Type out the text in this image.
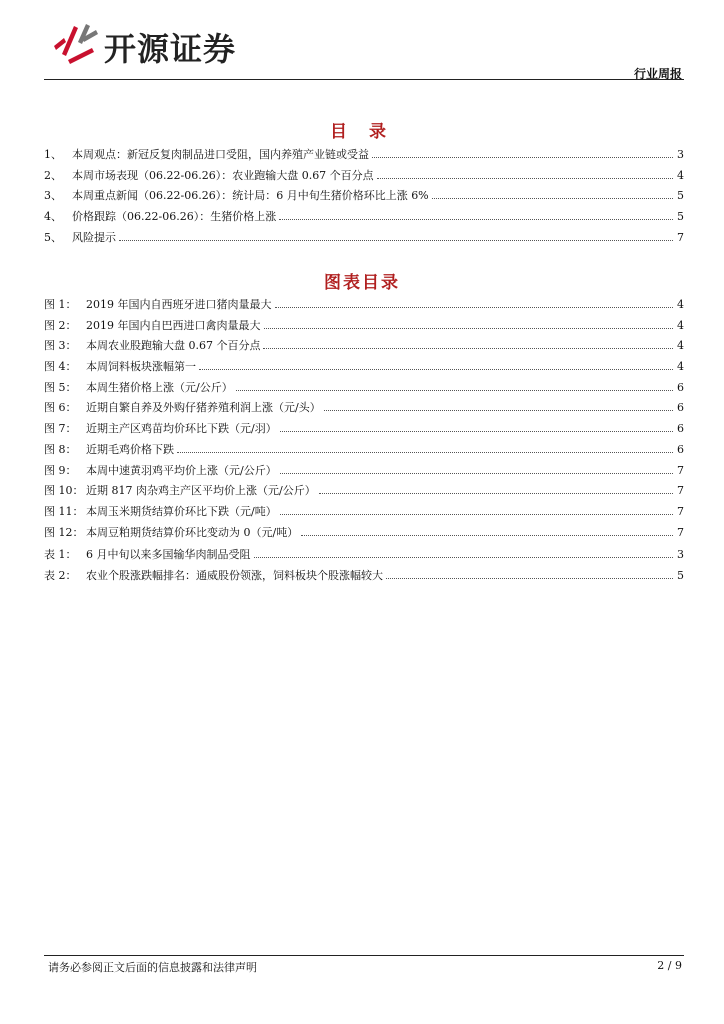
开源证券
行业周报
目 录
1、 本周观点：新冠反复肉制品进口受阻，国内养殖产业链或受益	3
2、 本周市场表现（06.22-06.26）：农业跑输大盘 0.67 个百分点	4
3、 本周重点新闻（06.22-06.26）：统计局：6 月中旬生猪价格环比上涨 6%	5
4、 价格跟踪（06.22-06.26）：生猪价格上涨	5
5、 风险提示	7
图表目录
图 1： 2019 年国内自西班牙进口猪肉量最大	4
图 2： 2019 年国内自巴西进口禽肉量最大	4
图 3： 本周农业股跑输大盘 0.67 个百分点	4
图 4： 本周饲料板块涨幅第一	4
图 5： 本周生猪价格上涨（元/公斤）	6
图 6： 近期自繁自养及外购仔猪养殖利润上涨（元/头）	6
图 7： 近期主产区鸡苗均价环比下跌（元/羽）	6
图 8： 近期毛鸡价格下跌	6
图 9： 本周中速黄羽鸡平均价上涨（元/公斤）	7
图 10： 近期 817 肉杂鸡主产区平均价上涨（元/公斤）	7
图 11： 本周玉米期货结算价环比下跌（元/吨）	7
图 12： 本周豆粕期货结算价环比变动为 0（元/吨）	7
表 1： 6 月中旬以来多国输华肉制品受阻	3
表 2： 农业个股涨跌幅排名：通威股份领涨，饲料板块个股涨幅较大	5
请务必参阅正文后面的信息披露和法律声明	2 / 9
